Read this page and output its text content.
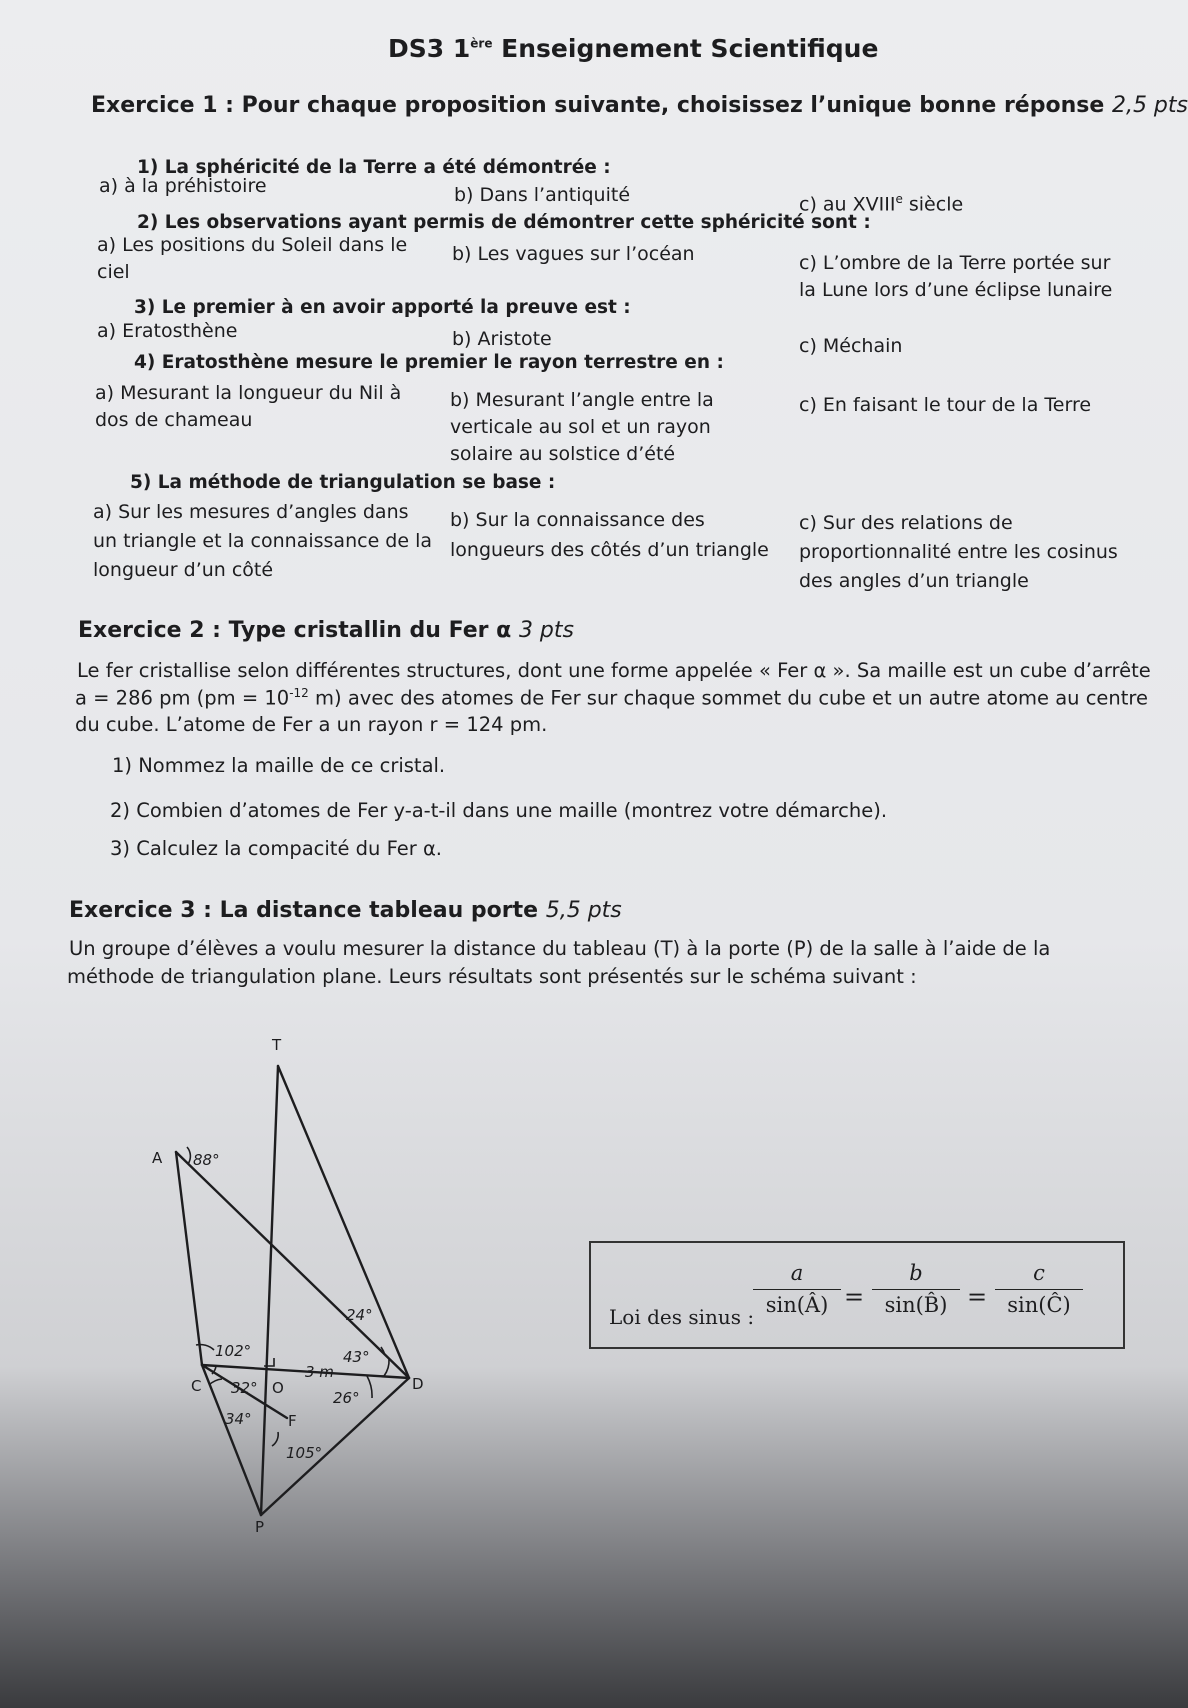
DS3 1ère Enseignement Scientifique
Exercice 1 : Pour chaque proposition suivante, choisissez l’unique bonne réponse 2,5 pts
1) La sphéricité de la Terre a été démontrée :
a) à la préhistoire	b) Dans l’antiquité	c) au XVIIIe siècle
2) Les observations ayant permis de démontrer cette sphéricité sont :
a) Les positions du Soleil dans le ciel
b) Les vagues sur l’océan	c) L’ombre de la Terre portée sur la Lune lors d’une éclipse lunaire
3) Le premier à en avoir apporté la preuve est :
a) Eratosthène	b) Aristote	c) Méchain
4) Eratosthène mesure le premier le rayon terrestre en :
a) Mesurant la longueur du Nil à dos de chameau
b) Mesurant l’angle entre la verticale au sol et un rayon solaire au solstice d’été
c) En faisant le tour de la Terre
5) La méthode de triangulation se base :
a) Sur les mesures d’angles dans un triangle et la connaissance de la longueur d’un côté
b) Sur la connaissance des longueurs des côtés d’un triangle
c) Sur des relations de proportionnalité entre les cosinus des angles d’un triangle
Exercice 2 : Type cristallin du Fer α 3 pts
Le fer cristallise selon différentes structures, dont une forme appelée « Fer α ». Sa maille est un cube d’arrête
a = 286 pm ($pm = 10^{-12}$ m) avec des atomes de Fer sur chaque sommet du cube et un autre atome au centre
du cube. L’atome de Fer a un rayon r = 124 pm.
1) Nommez la maille de ce cristal.
2) Combien d’atomes de Fer y-a-t-il dans une maille (montrez votre démarche).
3) Calculez la compacité du Fer α.
Exercice 3 : La distance tableau porte 5,5 pts
Un groupe d’élèves a voulu mesurer la distance du tableau (T) à la porte (P) de la salle à l’aide de la
méthode de triangulation plane. Leurs résultats sont présentés sur le schéma suivant :
T
A
C	O	D
F
P
88°
24°
43°
26°
102°
32°
34°
105°
3 m
Loi des sinus :
$\frac{a}{\sin(Â)} = \frac{b}{\sin(B̂)} = \frac{c}{\sin(Ĉ)}$
